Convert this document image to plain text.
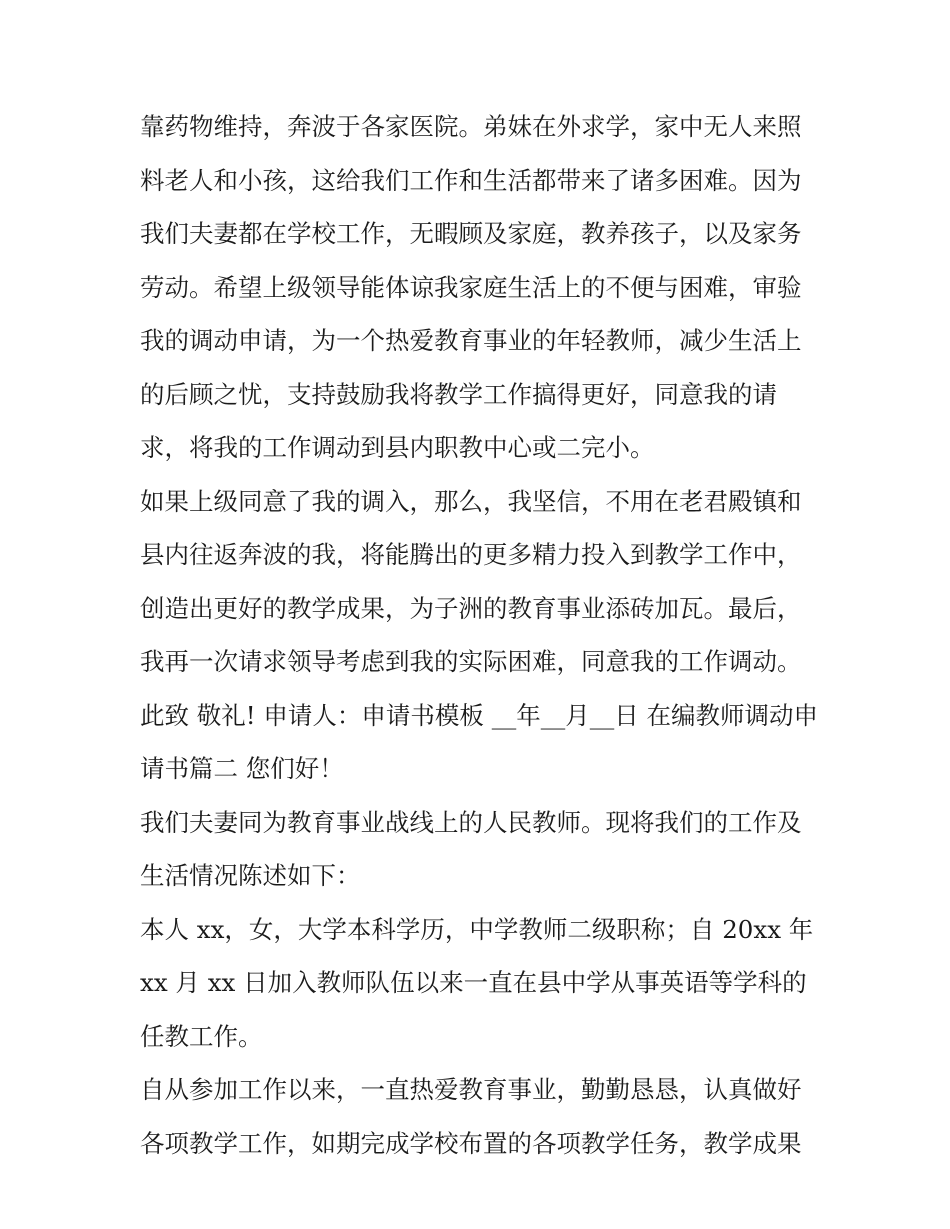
靠药物维持，奔波于各家医院。弟妹在外求学，家中无人来照
料老人和小孩，这给我们工作和生活都带来了诸多困难。因为
我们夫妻都在学校工作，无暇顾及家庭，教养孩子，以及家务
劳动。希望上级领导能体谅我家庭生活上的不便与困难，审验
我的调动申请，为一个热爱教育事业的年轻教师，减少生活上
的后顾之忧，支持鼓励我将教学工作搞得更好，同意我的请
求，将我的工作调动到县内职教中心或二完小。
如果上级同意了我的调入，那么，我坚信，不用在老君殿镇和
县内往返奔波的我，将能腾出的更多精力投入到教学工作中，
创造出更好的教学成果，为子洲的教育事业添砖加瓦。最后，
我再一次请求领导考虑到我的实际困难，同意我的工作调动。
此致 敬礼! 申请人：申请书模板 __年__月__日 在编教师调动申
请书篇二 您们好！
我们夫妻同为教育事业战线上的人民教师。现将我们的工作及
生活情况陈述如下：
本人 xx，女，大学本科学历，中学教师二级职称；自 20xx 年
xx 月 xx 日加入教师队伍以来一直在县中学从事英语等学科的
任教工作。
自从参加工作以来，一直热爱教育事业，勤勤恳恳，认真做好
各项教学工作，如期完成学校布置的各项教学任务，教学成果
